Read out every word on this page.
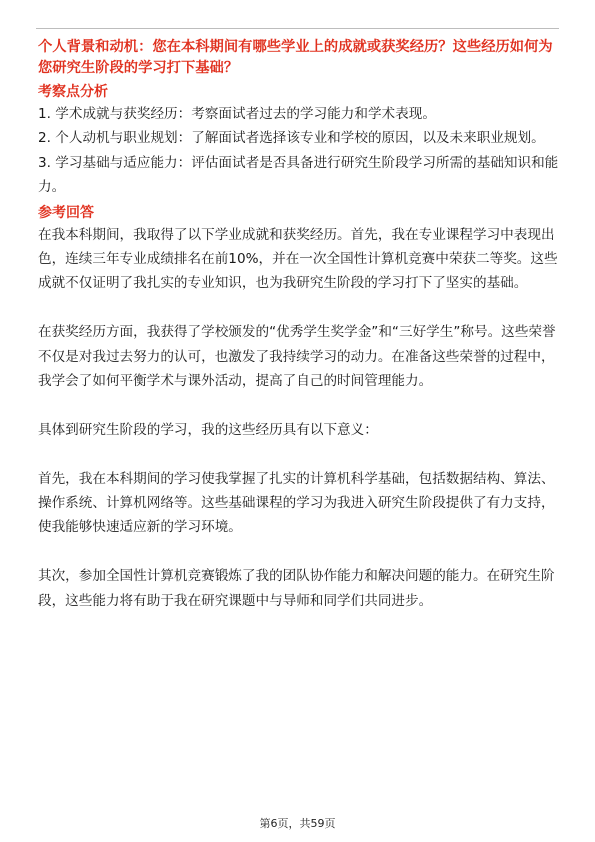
个人背景和动机：您在本科期间有哪些学业上的成就或获奖经历？这些经历如何为您研究生阶段的学习打下基础？

考察点分析

1. 学术成就与获奖经历：考察面试者过去的学习能力和学术表现。

2. 个人动机与职业规划：了解面试者选择该专业和学校的原因，以及未来职业规划。

3. 学习基础与适应能力：评估面试者是否具备进行研究生阶段学习所需的基础知识和能力。

参考回答

在我本科期间，我取得了以下学业成就和获奖经历。首先，我在专业课程学习中表现出色，连续三年专业成绩排名在前10%，并在一次全国性计算机竞赛中荣获二等奖。这些成就不仅证明了我扎实的专业知识，也为我研究生阶段的学习打下了坚实的基础。

在获奖经历方面，我获得了学校颁发的“优秀学生奖学金”和“三好学生”称号。这些荣誉不仅是对我过去努力的认可，也激发了我持续学习的动力。在准备这些荣誉的过程中，我学会了如何平衡学术与课外活动，提高了自己的时间管理能力。

具体到研究生阶段的学习，我的这些经历具有以下意义：

首先，我在本科期间的学习使我掌握了扎实的计算机科学基础，包括数据结构、算法、操作系统、计算机网络等。这些基础课程的学习为我进入研究生阶段提供了有力支持，使我能够快速适应新的学习环境。

其次，参加全国性计算机竞赛锻炼了我的团队协作能力和解决问题的能力。在研究生阶段，这些能力将有助于我在研究课题中与导师和同学们共同进步。

第6页，共59页
